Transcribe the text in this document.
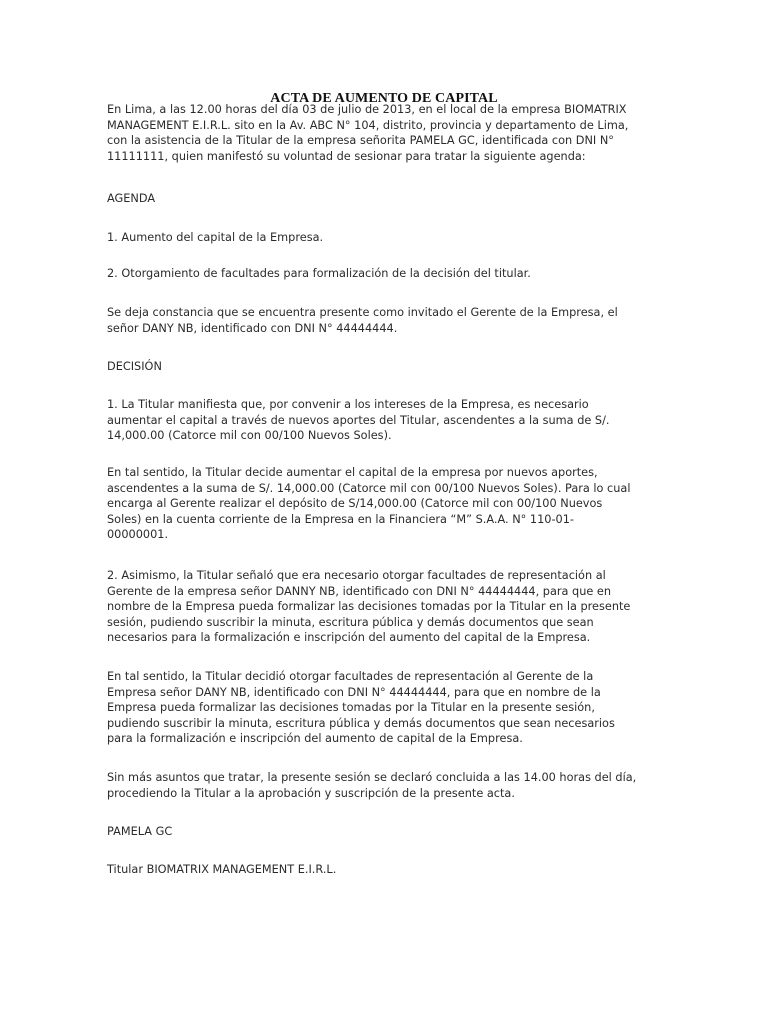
ACTA DE AUMENTO DE CAPITAL

En Lima, a las 12.00 horas del día 03 de julio de 2013, en el local de la empresa BIOMATRIX
MANAGEMENT E.I.R.L. sito en la Av. ABC N° 104, distrito, provincia y departamento de Lima,
con la asistencia de la Titular de la empresa señorita PAMELA GC, identificada con DNI N°
11111111, quien manifestó su voluntad de sesionar para tratar la siguiente agenda:

AGENDA

1. Aumento del capital de la Empresa.

2. Otorgamiento de facultades para formalización de la decisión del titular.

Se deja constancia que se encuentra presente como invitado el Gerente de la Empresa, el
señor DANY NB, identificado con DNI N° 44444444.

DECISIÓN

1. La Titular manifiesta que, por convenir a los intereses de la Empresa, es necesario
aumentar el capital a través de nuevos aportes del Titular, ascendentes a la suma de S/.
14,000.00 (Catorce mil con 00/100 Nuevos Soles).

En tal sentido, la Titular decide aumentar el capital de la empresa por nuevos aportes,
ascendentes a la suma de S/. 14,000.00 (Catorce mil con 00/100 Nuevos Soles). Para lo cual
encarga al Gerente realizar el depósito de S/14,000.00 (Catorce mil con 00/100 Nuevos
Soles) en la cuenta corriente de la Empresa en la Financiera “M” S.A.A. N° 110-01-
00000001.

2. Asimismo, la Titular señaló que era necesario otorgar facultades de representación al
Gerente de la empresa señor DANNY NB, identificado con DNI N° 44444444, para que en
nombre de la Empresa pueda formalizar las decisiones tomadas por la Titular en la presente
sesión, pudiendo suscribir la minuta, escritura pública y demás documentos que sean
necesarios para la formalización e inscripción del aumento del capital de la Empresa.

En tal sentido, la Titular decidió otorgar facultades de representación al Gerente de la
Empresa señor DANY NB, identificado con DNI N° 44444444, para que en nombre de la
Empresa pueda formalizar las decisiones tomadas por la Titular en la presente sesión,
pudiendo suscribir la minuta, escritura pública y demás documentos que sean necesarios
para la formalización e inscripción del aumento de capital de la Empresa.

Sin más asuntos que tratar, la presente sesión se declaró concluida a las 14.00 horas del día,
procediendo la Titular a la aprobación y suscripción de la presente acta.

PAMELA GC

Titular BIOMATRIX MANAGEMENT E.I.R.L.
